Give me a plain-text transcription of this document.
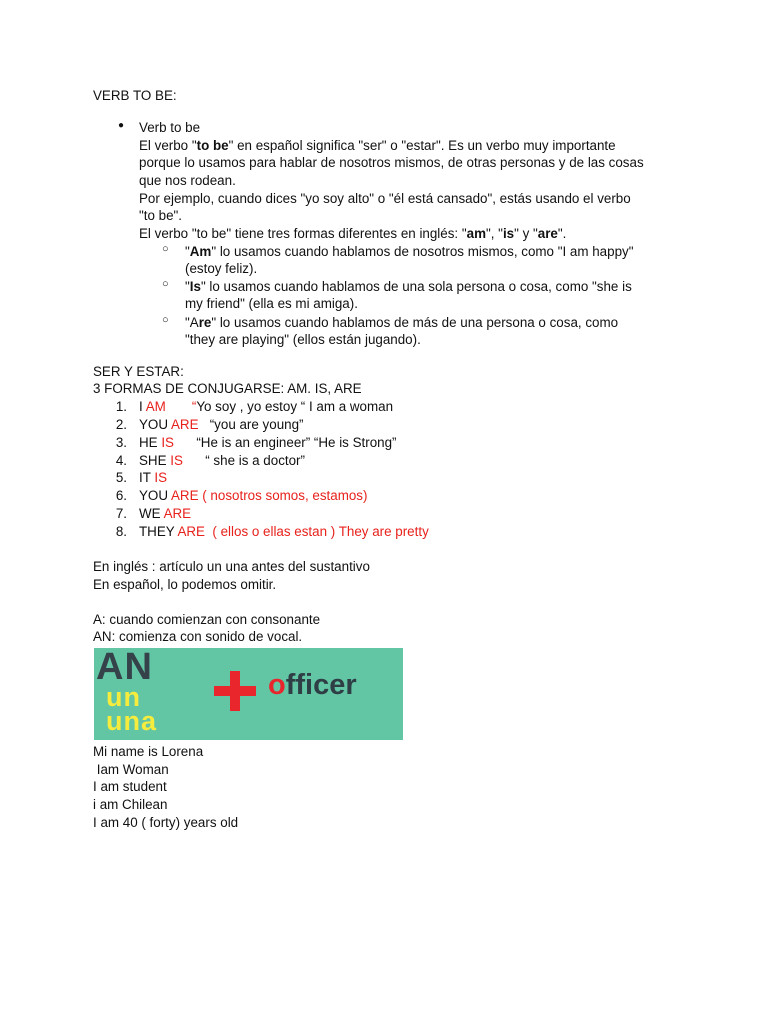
VERB TO BE:
● Verb to be
El verbo "to be" en español significa "ser" o "estar". Es un verbo muy importante
porque lo usamos para hablar de nosotros mismos, de otras personas y de las cosas
que nos rodean.
Por ejemplo, cuando dices "yo soy alto" o "él está cansado", estás usando el verbo
"to be".
El verbo "to be" tiene tres formas diferentes en inglés: "am", "is" y "are".
○ "Am" lo usamos cuando hablamos de nosotros mismos, como "I am happy"
(estoy feliz).
○ "Is" lo usamos cuando hablamos de una sola persona o cosa, como "she is
my friend" (ella es mi amiga).
○ "Are" lo usamos cuando hablamos de más de una persona o cosa, como
"they are playing" (ellos están jugando).
SER Y ESTAR:
3 FORMAS DE CONJUGARSE: AM. IS, ARE
1. I AM “Yo soy , yo estoy “ I am a woman
2. YOU ARE “you are young”
3. HE IS “He is an engineer” “He is Strong”
4. SHE IS “ she is a doctor”
5. IT IS
6. YOU ARE ( nosotros somos, estamos)
7. WE ARE
8. THEY ARE  ( ellos o ellas estan ) They are pretty
En inglés : artículo un una antes del sustantivo
En español, lo podemos omitir.
A: cuando comienzan con consonante
AN: comienza con sonido de vocal.
AN
un
una
officer
Mi name is Lorena
Iam Woman
I am student
i am Chilean
I am 40 ( forty) years old
